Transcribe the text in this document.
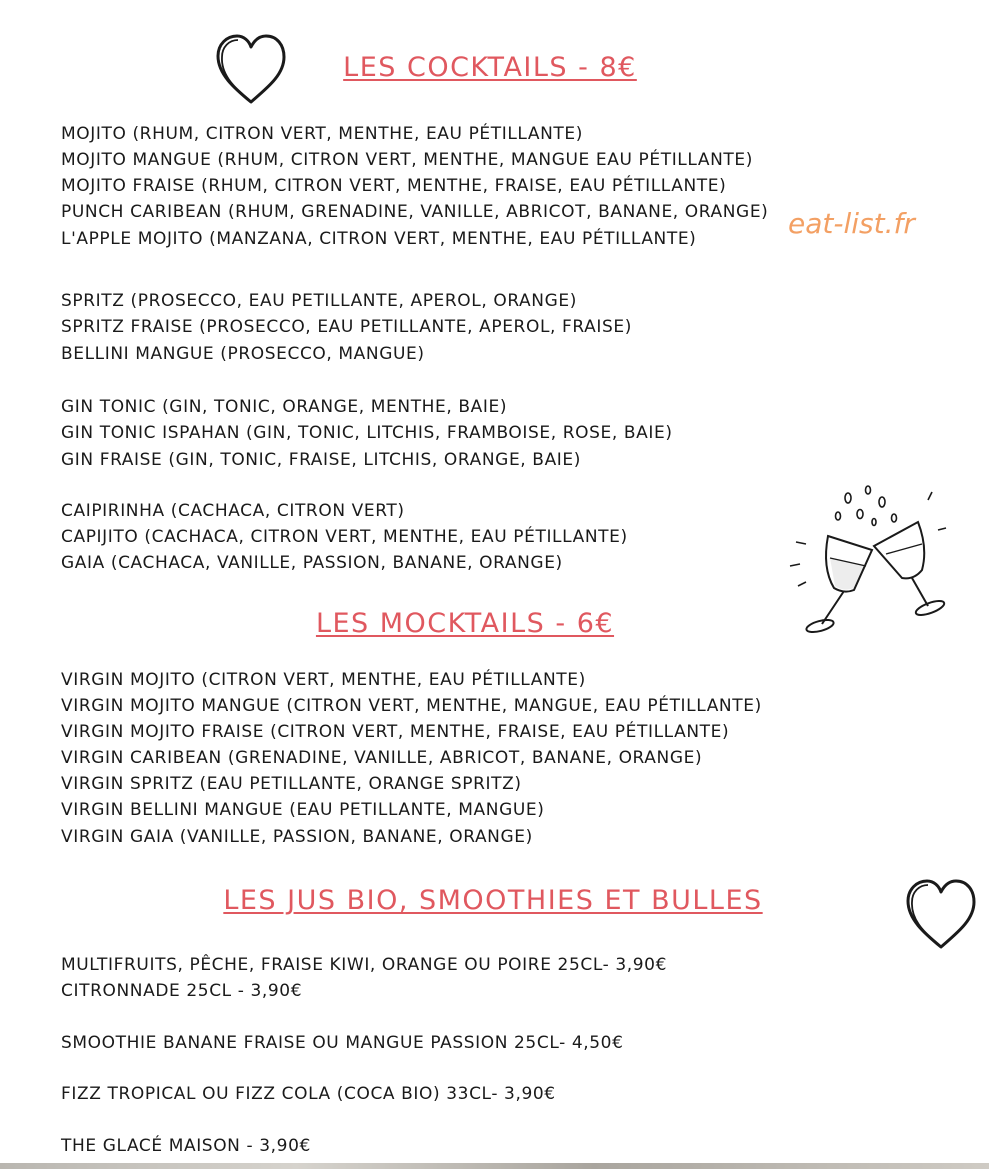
LES COCKTAILS - 8€
MOJITO (RHUM, CITRON VERT, MENTHE, EAU PÉTILLANTE)
MOJITO MANGUE (RHUM, CITRON VERT, MENTHE, MANGUE EAU PÉTILLANTE)
MOJITO FRAISE (RHUM, CITRON VERT, MENTHE, FRAISE, EAU PÉTILLANTE)
PUNCH CARIBEAN (RHUM, GRENADINE, VANILLE, ABRICOT, BANANE, ORANGE)
L'APPLE MOJITO (MANZANA, CITRON VERT, MENTHE, EAU PÉTILLANTE)	eat-list.fr
SPRITZ (PROSECCO, EAU PETILLANTE, APEROL, ORANGE)
SPRITZ FRAISE (PROSECCO, EAU PETILLANTE, APEROL, FRAISE)
BELLINI MANGUE (PROSECCO, MANGUE)
GIN TONIC (GIN, TONIC, ORANGE, MENTHE, BAIE)
GIN TONIC ISPAHAN (GIN, TONIC, LITCHIS, FRAMBOISE, ROSE, BAIE)
GIN FRAISE (GIN, TONIC, FRAISE, LITCHIS, ORANGE, BAIE)
CAIPIRINHA (CACHACA, CITRON VERT)
CAPIJITO (CACHACA, CITRON VERT, MENTHE, EAU PÉTILLANTE)
GAIA (CACHACA, VANILLE, PASSION, BANANE, ORANGE)
LES MOCKTAILS - 6€
VIRGIN MOJITO (CITRON VERT, MENTHE, EAU PÉTILLANTE)
VIRGIN MOJITO MANGUE (CITRON VERT, MENTHE, MANGUE, EAU PÉTILLANTE)
VIRGIN MOJITO FRAISE (CITRON VERT, MENTHE, FRAISE, EAU PÉTILLANTE)
VIRGIN CARIBEAN (GRENADINE, VANILLE, ABRICOT, BANANE, ORANGE)
VIRGIN SPRITZ (EAU PETILLANTE, ORANGE SPRITZ)
VIRGIN BELLINI MANGUE (EAU PETILLANTE, MANGUE)
VIRGIN GAIA (VANILLE, PASSION, BANANE, ORANGE)
LES JUS BIO, SMOOTHIES ET BULLES
MULTIFRUITS, PÊCHE, FRAISE KIWI, ORANGE OU POIRE 25CL- 3,90€
CITRONNADE 25CL - 3,90€
SMOOTHIE BANANE FRAISE OU MANGUE PASSION 25CL- 4,50€
FIZZ TROPICAL OU FIZZ COLA (COCA BIO) 33CL- 3,90€
THE GLACÉ MAISON - 3,90€
